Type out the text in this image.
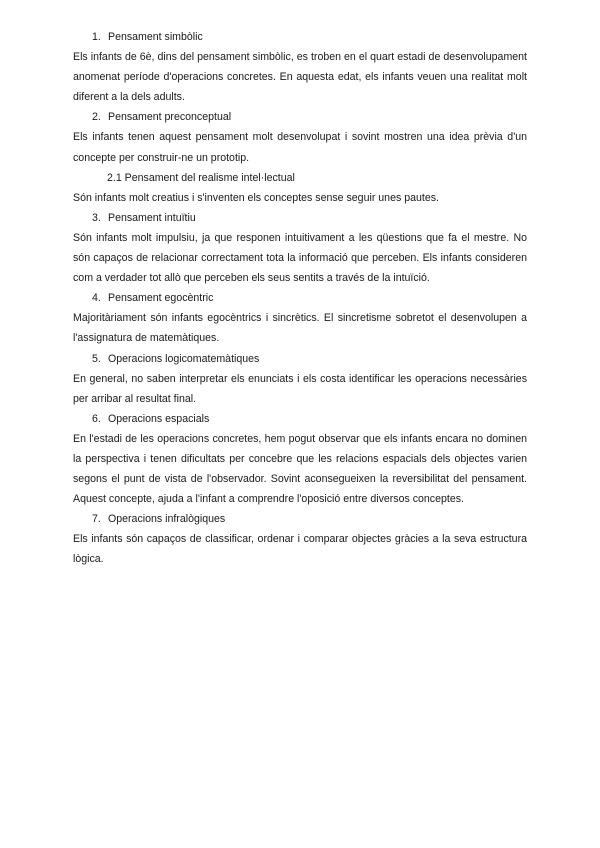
1. Pensament simbòlic

Els infants de 6è, dins del pensament simbòlic, es troben en el quart estadi de desenvolupament anomenat període d'operacions concretes. En aquesta edat, els infants veuen una realitat molt diferent a la dels adults.

2. Pensament preconceptual

Els infants tenen aquest pensament molt desenvolupat i sovint mostren una idea prèvia d'un concepte per construir-ne un prototip.

2.1 Pensament del realisme intel·lectual

Són infants molt creatius i s'inventen els conceptes sense seguir unes pautes.

3. Pensament intuïtiu

Són infants molt impulsiu, ja que responen intuitivament a les qüestions que fa el mestre. No són capaços de relacionar correctament tota la informació que perceben. Els infants consideren com a verdader tot allò que perceben els seus sentits a través de la intuïció.

4. Pensament egocèntric

Majoritàriament són infants egocèntrics i sincrètics. El sincretisme sobretot el desenvolupen a l'assignatura de matemàtiques.

5. Operacions logicomatemàtiques

En general, no saben interpretar els enunciats i els costa identificar les operacions necessàries per arribar al resultat final.

6. Operacions espacials

En l'estadi de les operacions concretes, hem pogut observar que els infants encara no dominen la perspectiva i tenen dificultats per concebre que les relacions espacials dels objectes varien segons el punt de vista de l'observador. Sovint aconsegueixen la reversibilitat del pensament. Aquest concepte, ajuda a l'infant a comprendre l'oposició entre diversos conceptes.

7. Operacions infralògiques

Els infants són capaços de classificar, ordenar i comparar objectes gràcies a la seva estructura lògica.
